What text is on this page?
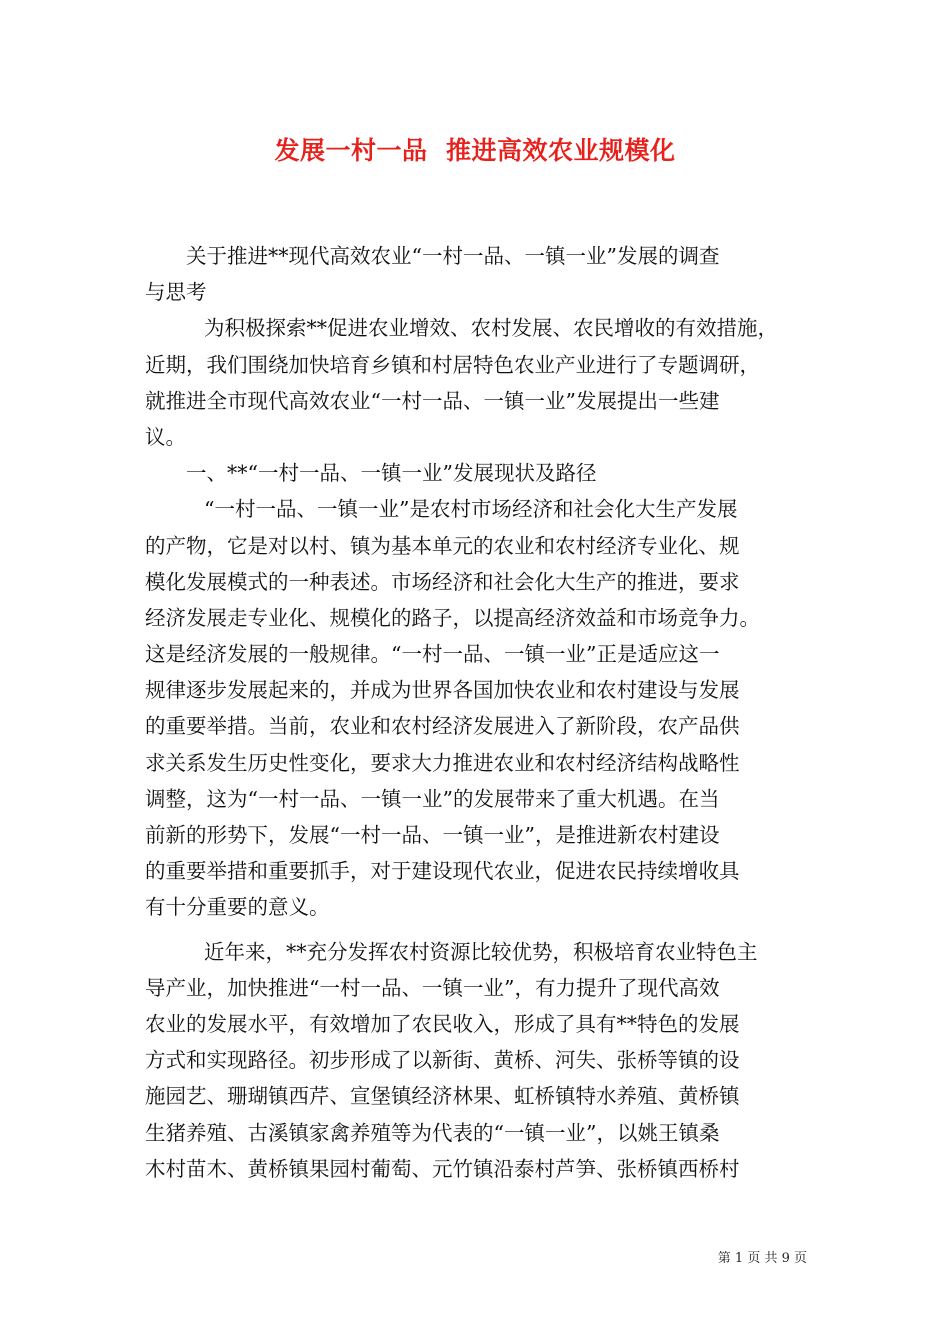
发展一村一品  推进高效农业规模化
关于推进**现代高效农业“一村一品、一镇一业”发展的调查
与思考
为积极探索**促进农业增效、农村发展、农民增收的有效措施，
近期，我们围绕加快培育乡镇和村居特色农业产业进行了专题调研，
就推进全市现代高效农业“一村一品、一镇一业”发展提出一些建
议。
一、**“一村一品、一镇一业”发展现状及路径
“一村一品、一镇一业”是农村市场经济和社会化大生产发展
的产物，它是对以村、镇为基本单元的农业和农村经济专业化、规
模化发展模式的一种表述。市场经济和社会化大生产的推进，要求
经济发展走专业化、规模化的路子，以提高经济效益和市场竞争力。
这是经济发展的一般规律。“一村一品、一镇一业”正是适应这一
规律逐步发展起来的，并成为世界各国加快农业和农村建设与发展
的重要举措。当前，农业和农村经济发展进入了新阶段，农产品供
求关系发生历史性变化，要求大力推进农业和农村经济结构战略性
调整，这为“一村一品、一镇一业”的发展带来了重大机遇。在当
前新的形势下，发展“一村一品、一镇一业”，是推进新农村建设
的重要举措和重要抓手，对于建设现代农业，促进农民持续增收具
有十分重要的意义。
近年来，**充分发挥农村资源比较优势，积极培育农业特色主
导产业，加快推进“一村一品、一镇一业”，有力提升了现代高效
农业的发展水平，有效增加了农民收入，形成了具有**特色的发展
方式和实现路径。初步形成了以新街、黄桥、河失、张桥等镇的设
施园艺、珊瑚镇西芹、宣堡镇经济林果、虹桥镇特水养殖、黄桥镇
生猪养殖、古溪镇家禽养殖等为代表的“一镇一业”，以姚王镇桑
木村苗木、黄桥镇果园村葡萄、元竹镇沿泰村芦笋、张桥镇西桥村
第 1 页 共 9 页
